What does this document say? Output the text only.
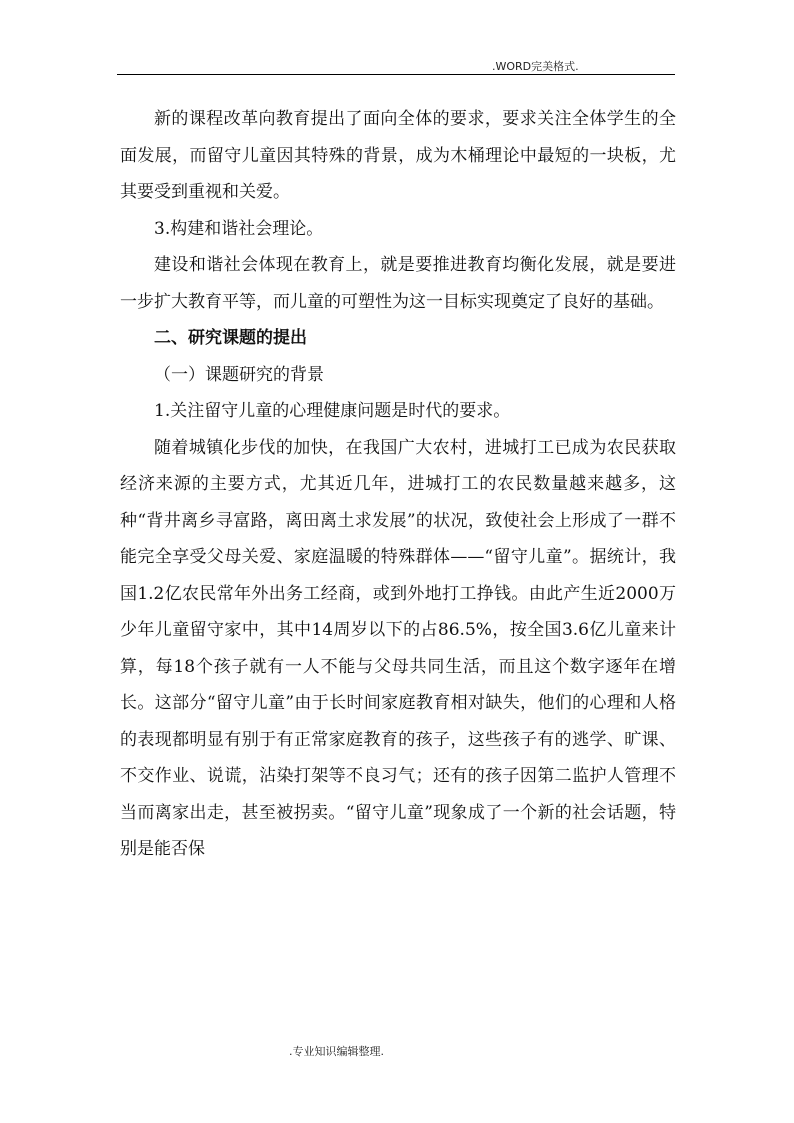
.WORD完美格式.

新的课程改革向教育提出了面向全体的要求，要求关注全体学生的全面发展，而留守儿童因其特殊的背景，成为木桶理论中最短的一块板，尤其要受到重视和关爱。

3.构建和谐社会理论。

建设和谐社会体现在教育上，就是要推进教育均衡化发展，就是要进一步扩大教育平等，而儿童的可塑性为这一目标实现奠定了良好的基础。

二、研究课题的提出

（一）课题研究的背景

1.关注留守儿童的心理健康问题是时代的要求。

随着城镇化步伐的加快，在我国广大农村，进城打工已成为农民获取经济来源的主要方式，尤其近几年，进城打工的农民数量越来越多，这种“背井离乡寻富路，离田离土求发展”的状况，致使社会上形成了一群不能完全享受父母关爱、家庭温暖的特殊群体——“留守儿童”。据统计，我国1.2亿农民常年外出务工经商，或到外地打工挣钱。由此产生近2000万少年儿童留守家中，其中14周岁以下的占86.5%，按全国3.6亿儿童来计算，每18个孩子就有一人不能与父母共同生活，而且这个数字逐年在增长。这部分“留守儿童”由于长时间家庭教育相对缺失，他们的心理和人格的表现都明显有别于有正常家庭教育的孩子，这些孩子有的逃学、旷课、不交作业、说谎，沾染打架等不良习气；还有的孩子因第二监护人管理不当而离家出走，甚至被拐卖。“留守儿童”现象成了一个新的社会话题，特别是能否保

.专业知识编辑整理.
